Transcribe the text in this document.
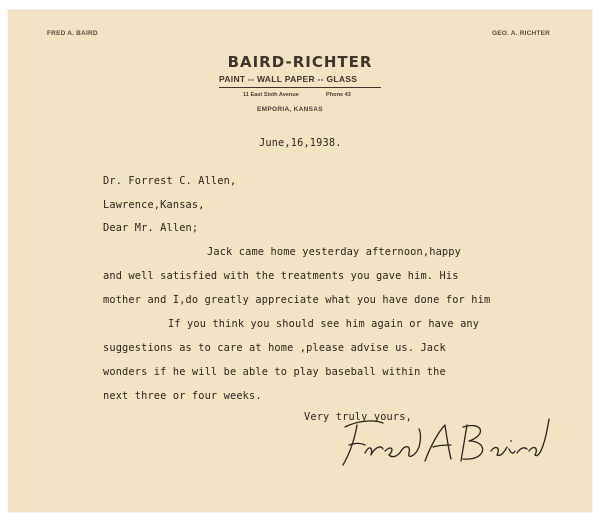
FRED A. BAIRD	GEO. A. RICHTER
BAIRD-RICHTER
PAINT -- WALL PAPER -- GLASS
11 East Sixth Avenue	Phone 43
EMPORIA, KANSAS
June,16,1938.
Dr. Forrest C. Allen,
Lawrence,Kansas,
Dear Mr. Allen;
Jack came home yesterday afternoon,happy
and well satisfied with the treatments you gave him. His
mother and I,do greatly appreciate what you have done for him
If you think you should see him again or have any
suggestions as to care at home ,please advise us. Jack
wonders if he will be able to play baseball within the
next three or four weeks.
Very truly yours,
